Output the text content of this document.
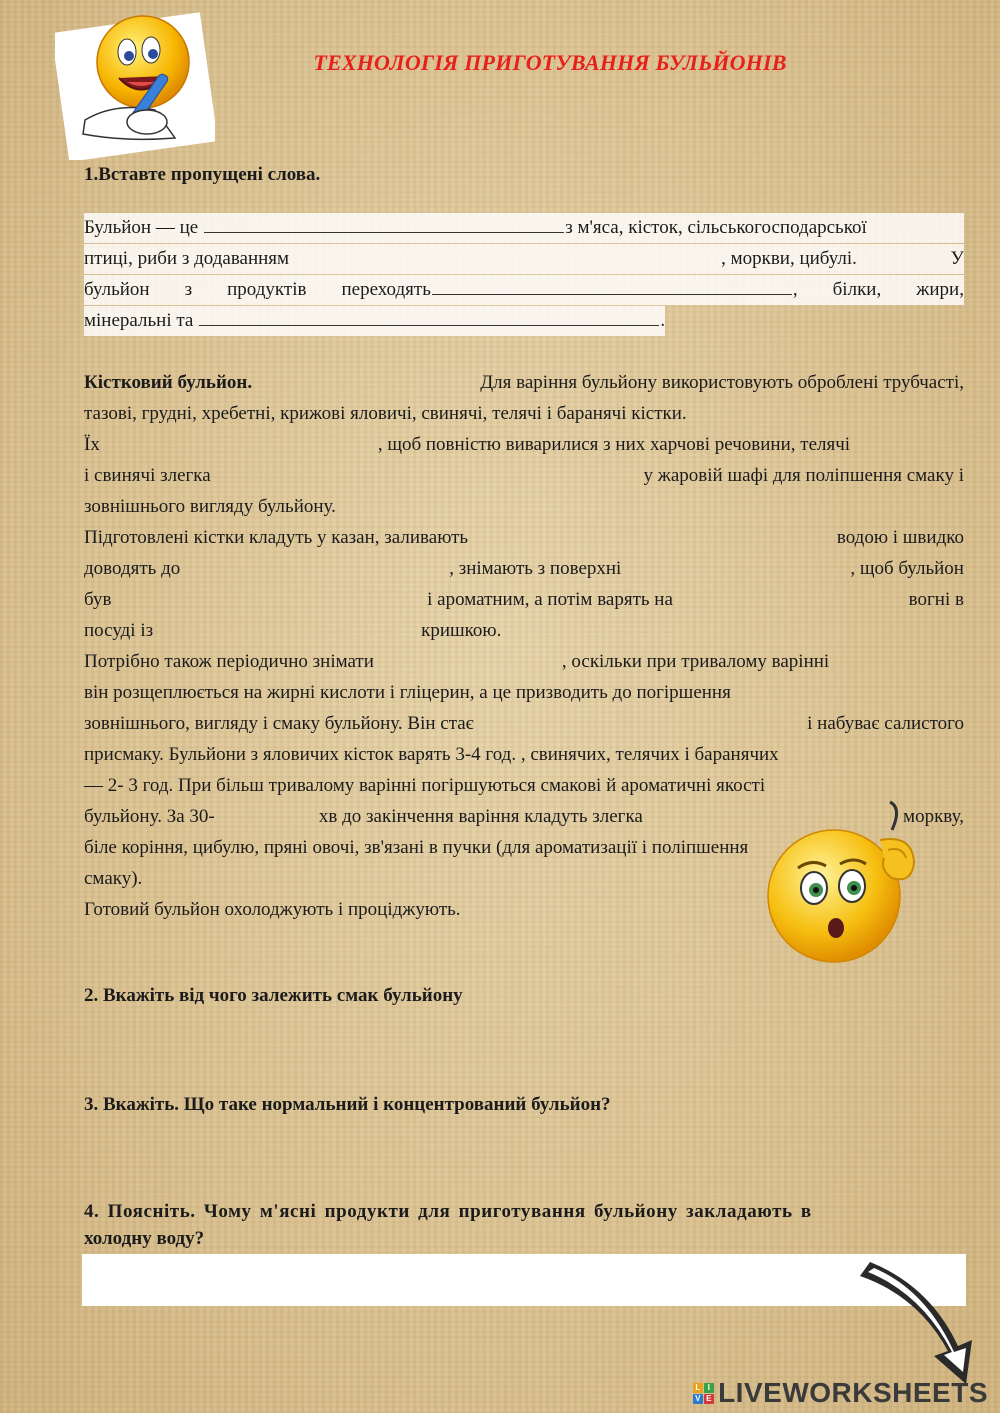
ТЕХНОЛОГІЯ ПРИГОТУВАННЯ БУЛЬЙОНІВ
1.Вставте пропущені слова.
Бульйон — це	з м'яса, кісток, сільськогосподарської
птиці, риби з додаванням	, моркви, цибулі.	У
бульйон з продуктів переходять	, білки, жири,
мінеральні та	.
Кістковий бульйон.	Для варіння бульйону використовують оброблені трубчасті,
тазові, грудні, хребетні, крижові яловичі, свинячі, телячі і баранячі кістки.
Їх	, щоб повністю виварилися з них харчові речовини, телячі
і свинячі злегка	у жаровій шафі для поліпшення смаку і
зовнішнього вигляду бульйону.
Підготовлені кістки кладуть у казан, заливають	водою і швидко
доводять до	, знімають з поверхні	, щоб бульйон
був	і ароматним, а потім варять на	вогні в
посуді із	кришкою.
Потрібно також періодично знімати	, оскільки при тривалому варінні
він розщеплюється на жирні кислоти і гліцерин, а це призводить до погіршення
зовнішнього, вигляду і смаку бульйону. Він стає	і набуває салистого
присмаку. Бульйони з яловичих кісток варять 3-4 год. , свинячих, телячих і баранячих
— 2- 3 год. При більш тривалому варінні погіршуються смакові й ароматичні якості
бульйону. За 30-	хв до закінчення варіння кладуть злегка	моркву,
біле коріння, цибулю, пряні овочі, зв'язані в пучки (для ароматизації і поліпшення
смаку).
Готовий бульйон охолоджують і проціджують.
2. Вкажіть від чого залежить смак бульйону
3. Вкажіть. Що таке нормальний і концентрований бульйон?
4. Поясніть. Чому м'ясні продукти для приготування бульйону закладають в
холодну воду?
L I
V E LIVEWORKSHEETS
